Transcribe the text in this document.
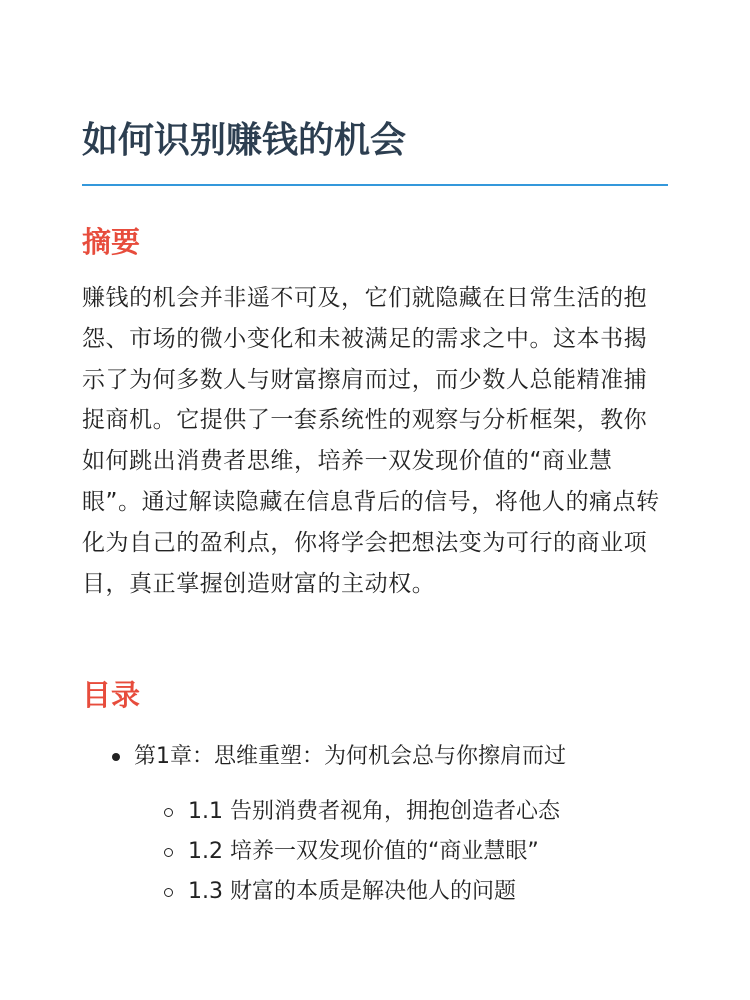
如何识别赚钱的机会
摘要

赚钱的机会并非遥不可及，它们就隐藏在日常生活的抱怨、市场的微小变化和未被满足的需求之中。这本书揭示了为何多数人与财富擦肩而过，而少数人总能精准捕捉商机。它提供了一套系统性的观察与分析框架，教你如何跳出消费者思维，培养一双发现价值的“商业慧眼”。通过解读隐藏在信息背后的信号，将他人的痛点转化为自己的盈利点，你将学会把想法变为可行的商业项目，真正掌握创造财富的主动权。

目录
第1章：思维重塑：为何机会总与你擦肩而过
1.1 告别消费者视角，拥抱创造者心态
1.2 培养一双发现价值的“商业慧眼”
1.3 财富的本质是解决他人的问题
